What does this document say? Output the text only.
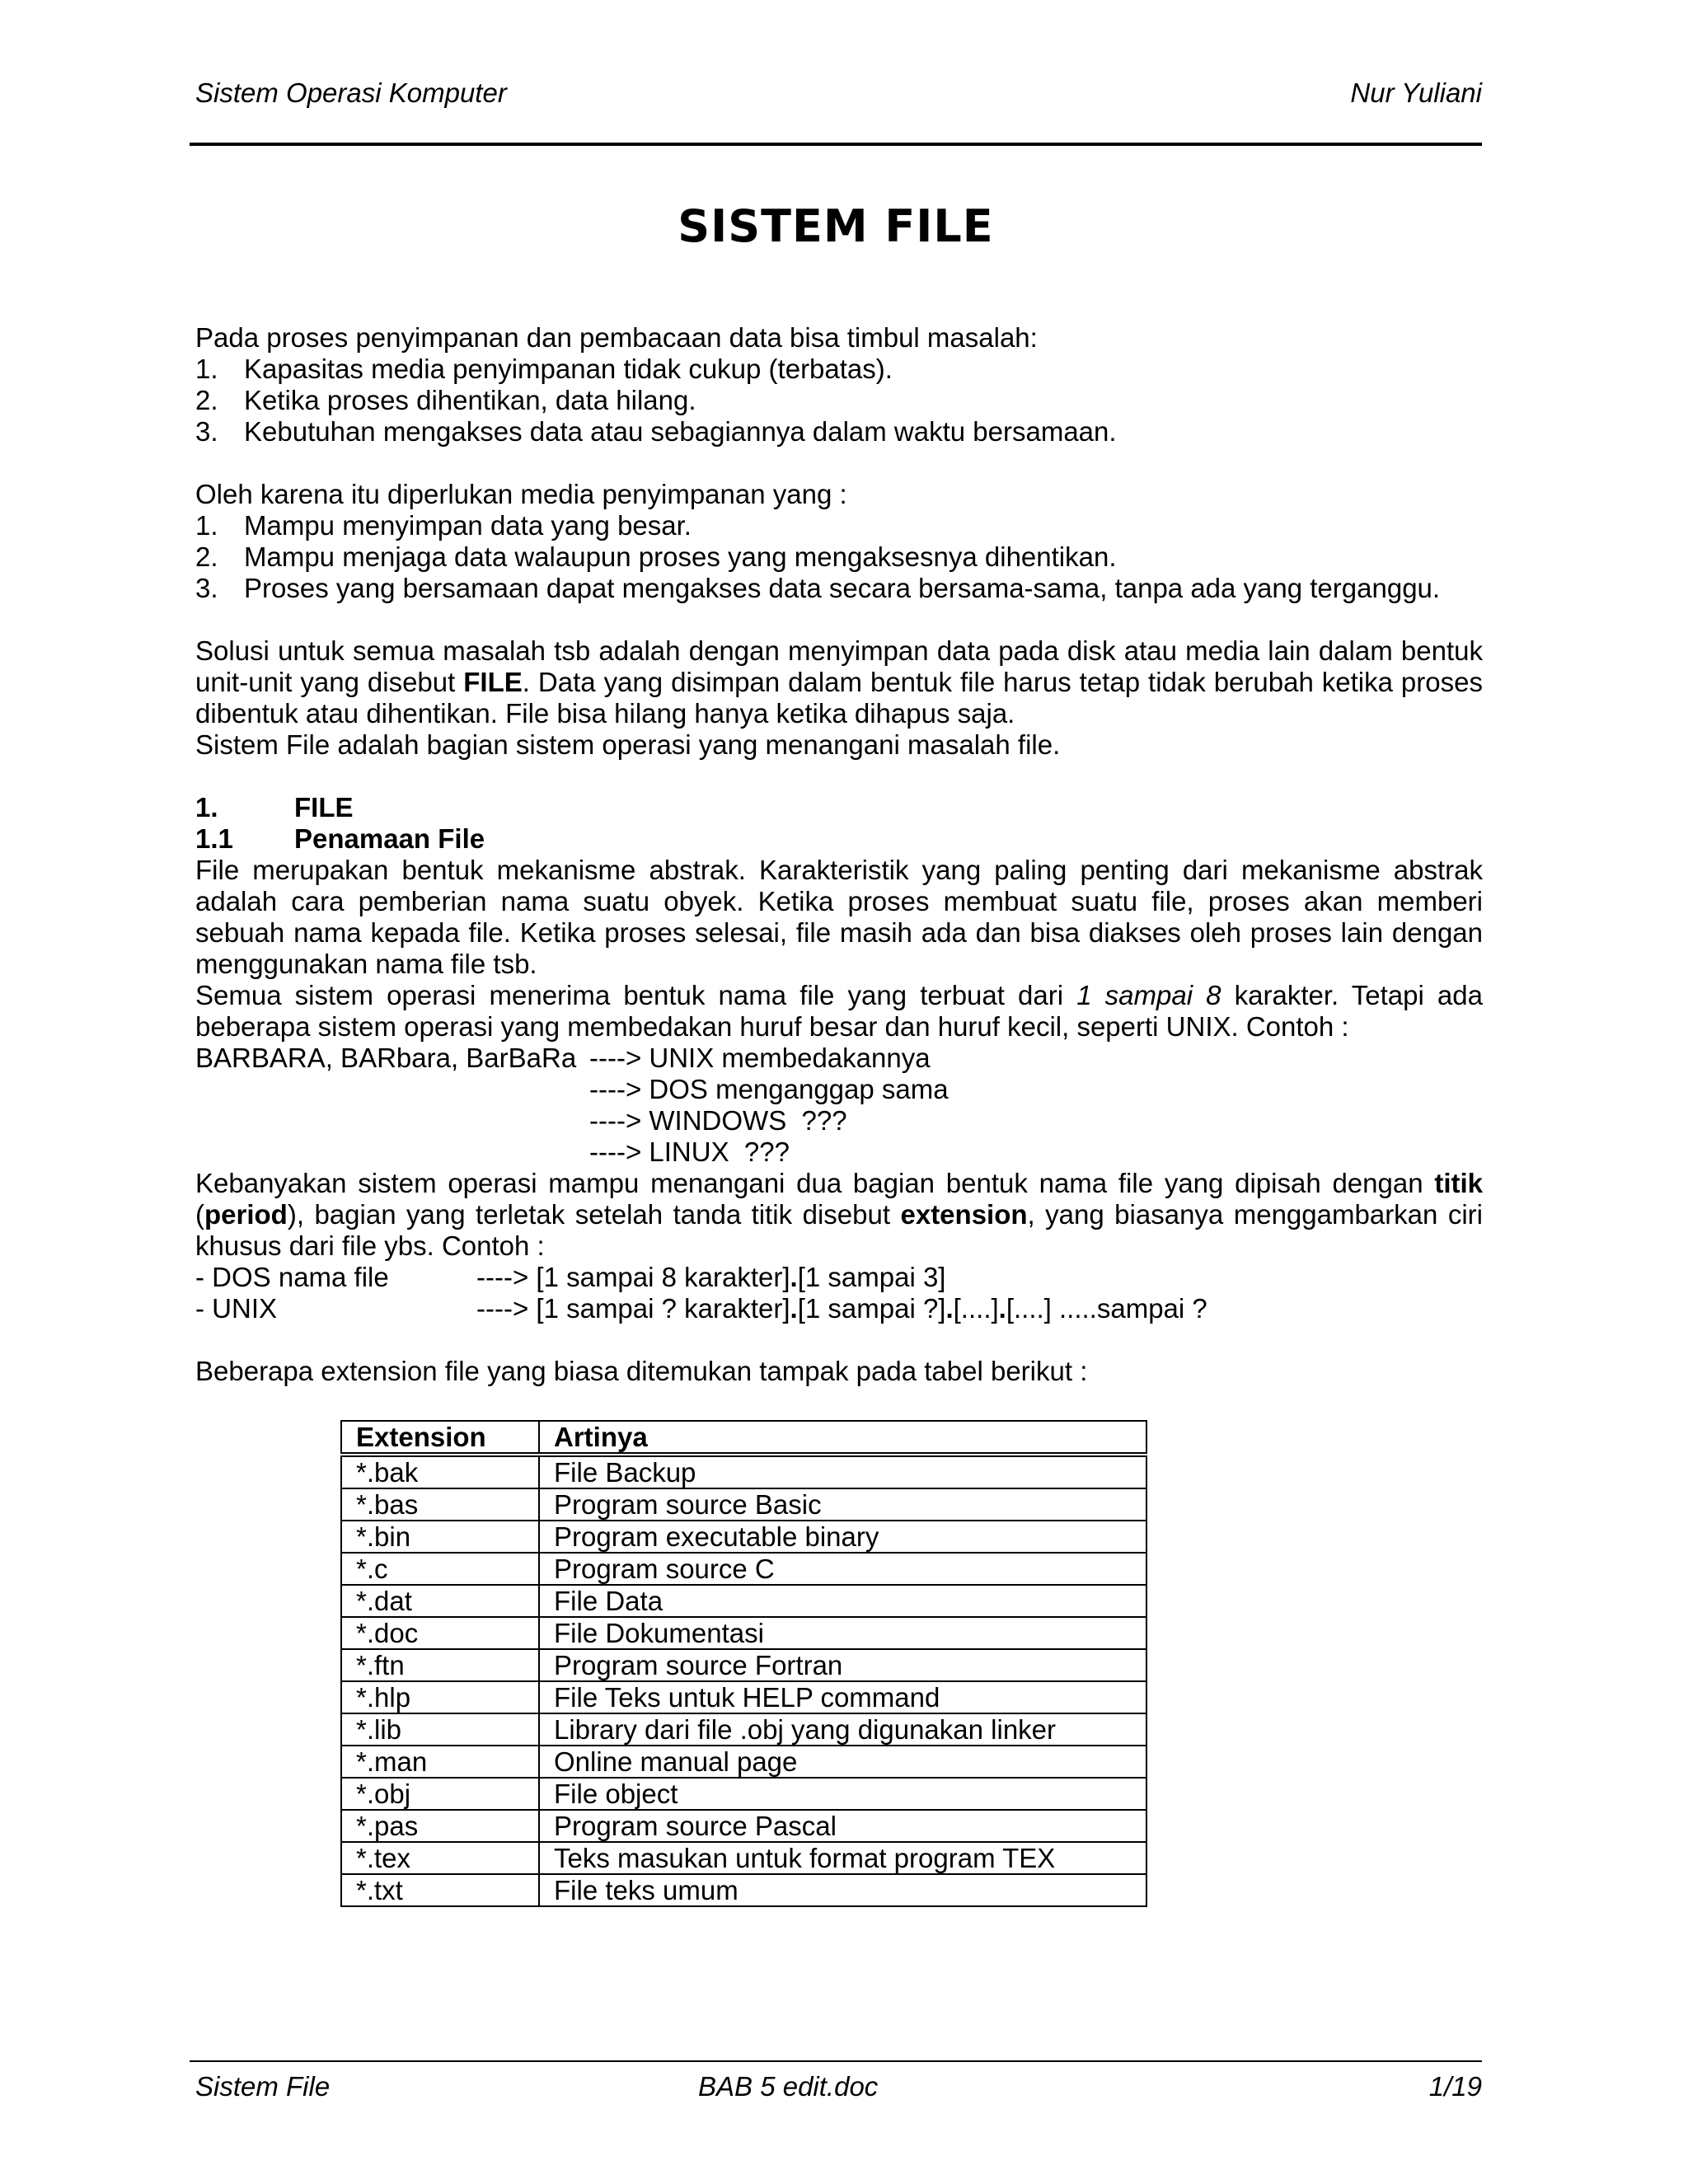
Sistem Operasi Komputer	Nur Yuliani
SISTEM FILE

Pada proses penyimpanan dan pembacaan data bisa timbul masalah:

1. Kapasitas media penyimpanan tidak cukup (terbatas).
2. Ketika proses dihentikan, data hilang.
3. Kebutuhan mengakses data atau sebagiannya dalam waktu bersamaan.

Oleh karena itu diperlukan media penyimpanan yang :

1. Mampu menyimpan data yang besar.
2. Mampu menjaga data walaupun proses yang mengaksesnya dihentikan.
3. Proses yang bersamaan dapat mengakses data secara bersama-sama, tanpa ada yang terganggu.

Solusi untuk semua masalah tsb adalah dengan menyimpan data pada disk atau media lain dalam bentuk unit-unit yang disebut FILE. Data yang disimpan dalam bentuk file harus tetap tidak berubah ketika proses dibentuk atau dihentikan. File bisa hilang hanya ketika dihapus saja.

Sistem File adalah bagian sistem operasi yang menangani masalah file.

1.	FILE
1.1	Penamaan File

File merupakan bentuk mekanisme abstrak. Karakteristik yang paling penting dari mekanisme abstrak adalah cara pemberian nama suatu obyek. Ketika proses membuat suatu file, proses akan memberi sebuah nama kepada file. Ketika proses selesai, file masih ada dan bisa diakses oleh proses lain dengan menggunakan nama file tsb.

Semua sistem operasi menerima bentuk nama file yang terbuat dari 1 sampai 8 karakter. Tetapi ada beberapa sistem operasi yang membedakan huruf besar dan huruf kecil, seperti UNIX. Contoh :

BARBARA, BARbara, BarBaRa ----> UNIX membedakannya
----> DOS menganggap sama
----> WINDOWS  ???
----> LINUX  ???

Kebanyakan sistem operasi mampu menangani dua bagian bentuk nama file yang dipisah dengan titik (period), bagian yang terletak setelah tanda titik disebut extension, yang biasanya menggambarkan ciri khusus dari file ybs. Contoh :

- DOS nama file	----> [1 sampai 8 karakter] . [1 sampai 3]
- UNIX	----> [1 sampai ? karakter] . [1 sampai ?] . [....] . [....] .....sampai ?

Beberapa extension file yang biasa ditemukan tampak pada tabel berikut :

Extension	Artinya
*.bak	File Backup
*.bas	Program source Basic
*.bin	Program executable binary
*.c	Program source C
*.dat	File Data
*.doc	File Dokumentasi
*.ftn	Program source Fortran
*.hlp	File Teks untuk HELP command
*.lib	Library dari file .obj yang digunakan linker
*.man	Online manual page
*.obj	File object
*.pas	Program source Pascal
*.tex	Teks masukan untuk format program TEX
*.txt	File teks umum
Sistem File	BAB 5 edit.doc	1/19
